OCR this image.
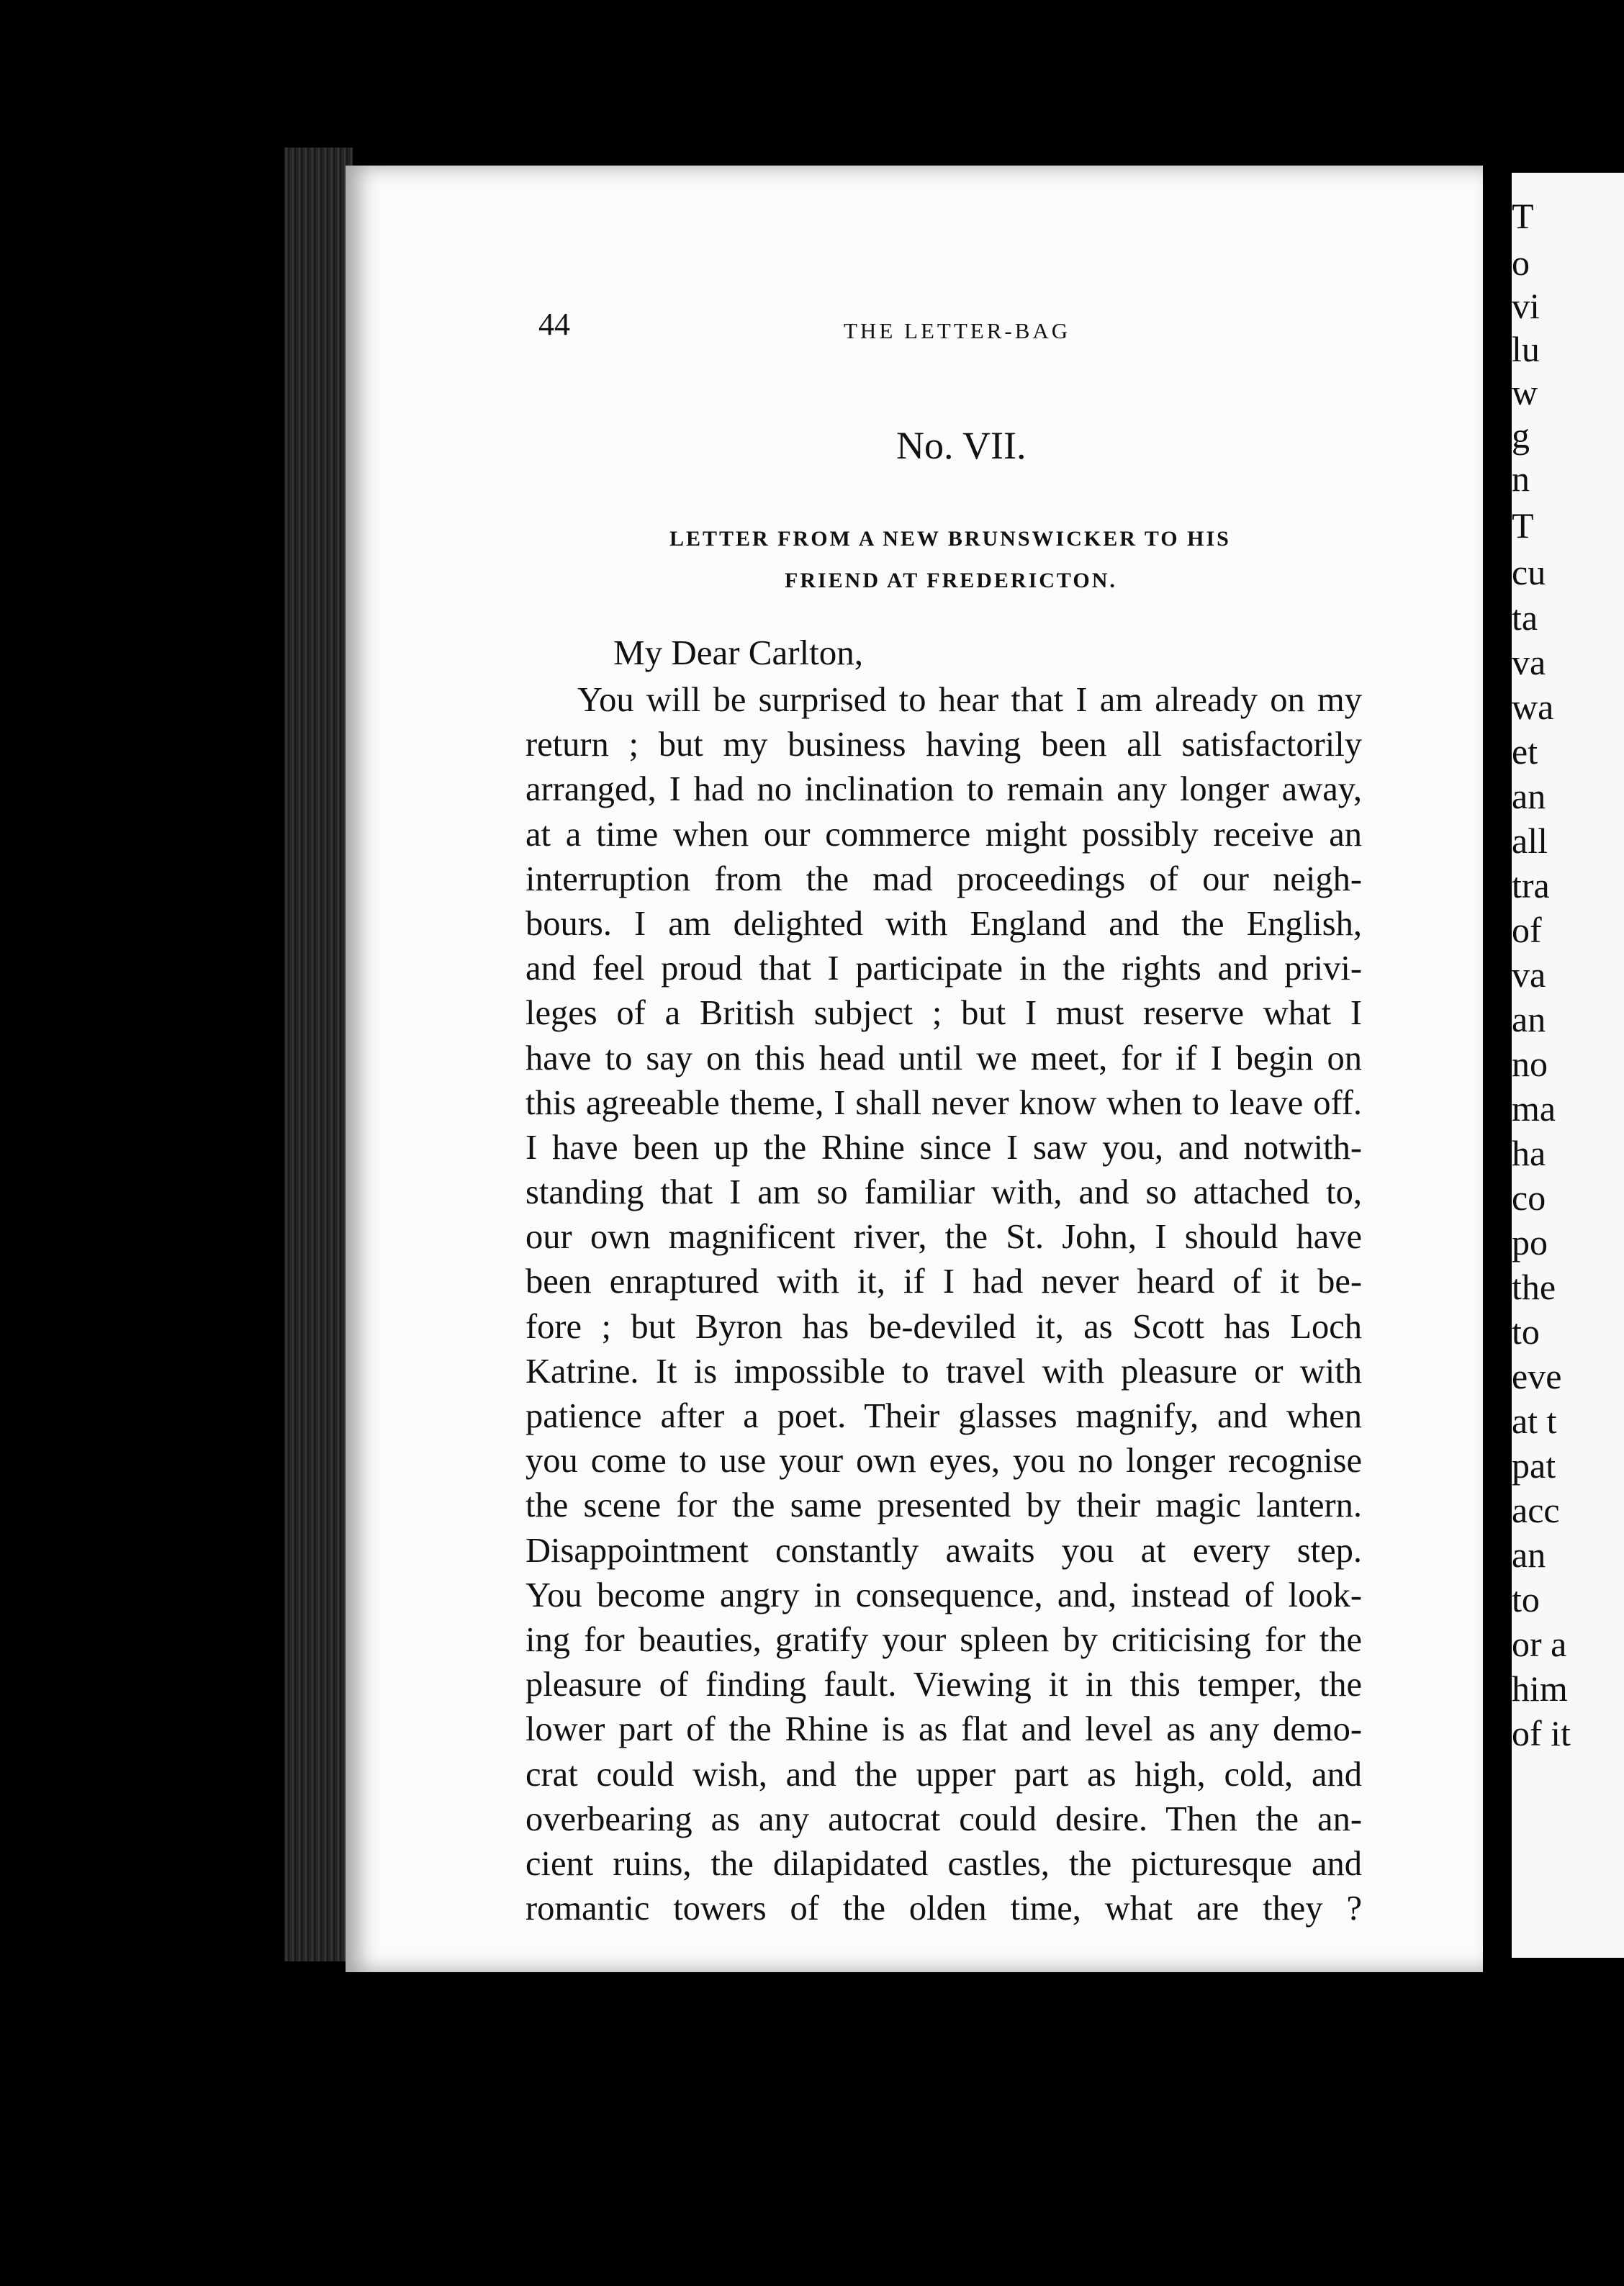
44	THE LETTER-BAG
No. VII.
LETTER FROM A NEW BRUNSWICKER TO HIS
FRIEND AT FREDERICTON.
My Dear Carlton,
You will be surprised to hear that I am already on my
return ; but my business having been all satisfactorily
arranged, I had no inclination to remain any longer away,
at a time when our commerce might possibly receive an
interruption from the mad proceedings of our neigh-
bours. I am delighted with England and the English,
and feel proud that I participate in the rights and privi-
leges of a British subject ; but I must reserve what I
have to say on this head until we meet, for if I begin on
this agreeable theme, I shall never know when to leave off.
I have been up the Rhine since I saw you, and notwith-
standing that I am so familiar with, and so attached to,
our own magnificent river, the St. John, I should have
been enraptured with it, if I had never heard of it be-
fore ; but Byron has be-deviled it, as Scott has Loch
Katrine. It is impossible to travel with pleasure or with
patience after a poet. Their glasses magnify, and when
you come to use your own eyes, you no longer recognise
the scene for the same presented by their magic lantern.
Disappointment constantly awaits you at every step.
You become angry in consequence, and, instead of look-
ing for beauties, gratify your spleen by criticising for the
pleasure of finding fault. Viewing it in this temper, the
lower part of the Rhine is as flat and level as any demo-
crat could wish, and the upper part as high, cold, and
overbearing as any autocrat could desire. Then the an-
cient ruins, the dilapidated castles, the picturesque and
romantic towers of the olden time, what are they ?
T
o
vi
lu
w
g
n
T
cu
ta
va
wa
et
an
all
tra
of
va
an
no
ma
ha
co
po
the
to
eve
at t
pat
acc
an
to
or a
him
of it
